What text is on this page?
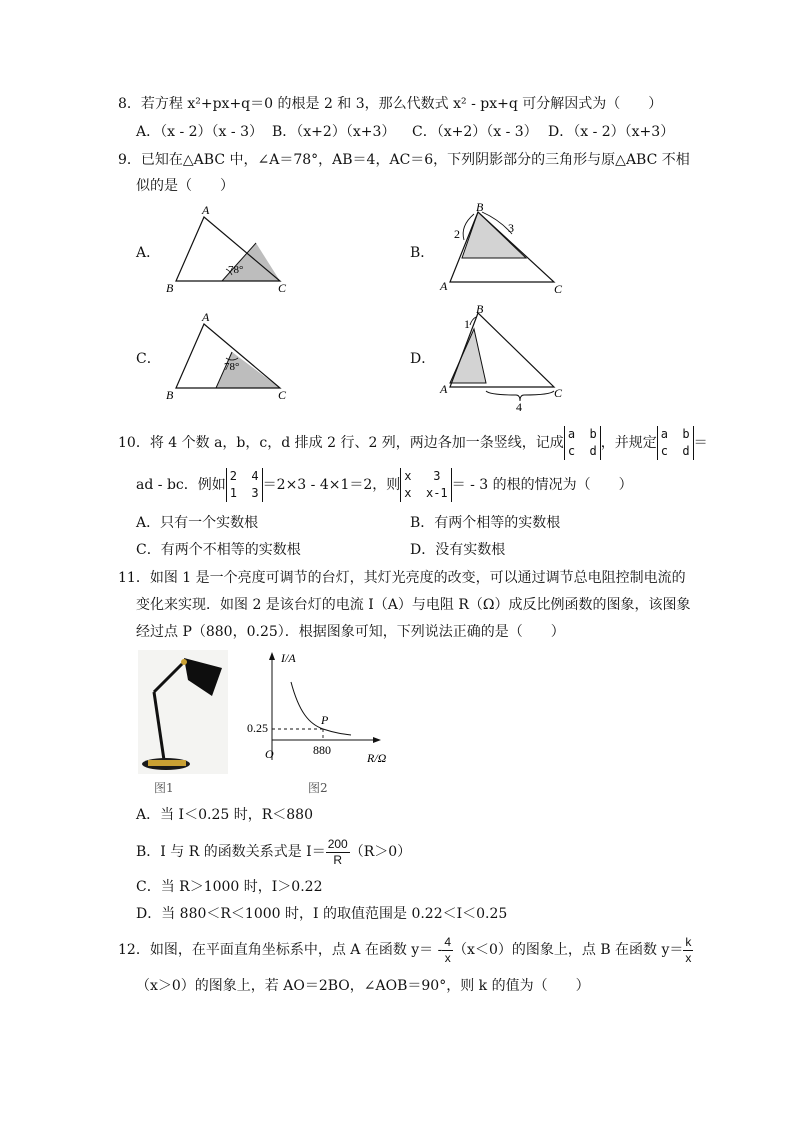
8．若方程 x²+px+q＝0 的根是 2 和 3，那么代数式 x² - px+q 可分解因式为（　　）
A．（x - 2）（x - 3） B．（x+2）（x+3） C．（x+2）（x - 3） D．（x - 2）（x+3）
9．已知在△ABC 中，∠A＝78°，AB＝4，AC＝6，下列阴影部分的三角形与原△ABC 不相
似的是（　　）
A．	B．
C．	D．
A
B	C
78°
B
A	C
2	3
A
B	C
78°
B
A	C
1
4
10．将 4 个数 a，b，c，d 排成 2 行、2 列，两边各加一条竖线，记成
a  b
c  d ，并规定
a  b
c  d ＝
ad - bc．例如
2  4
1  3 ＝2×3 - 4×1＝2，则
x   3
x  x-1 ＝ - 3 的根的情况为（　　）
A．只有一个实数根	B．有两个相等的实数根
C．有两个不相等的实数根	D．没有实数根
11．如图 1 是一个亮度可调节的台灯，其灯光亮度的改变，可以通过调节总电阻控制电流的
变化来实现．如图 2 是该台灯的电流 I（A）与电阻 R（Ω）成反比例函数的图象，该图象
经过点 P（880，0.25）．根据图象可知，下列说法正确的是（　　）
图1
I/A
R/Ω
O
0.25
880
P
图2
A．当 I＜0.25 时，R＜880
B．I 与 R 的函数关系式是 $I= \frac{200}{R} (R>0)$
C．当 R＞1000 时，I＞0.22
D．当 880＜R＜1000 时，I 的取值范围是 0.22＜I＜0.25
12．如图，在平面直角坐标系中，点 A 在函数 $y= - \frac{4}{x} (x<0)$的图象上，点 B 在函数 $y= \frac{k}{x}$
（x＞0）的图象上，若 AO＝2BO，∠AOB＝90°，则 k 的值为（　　）
